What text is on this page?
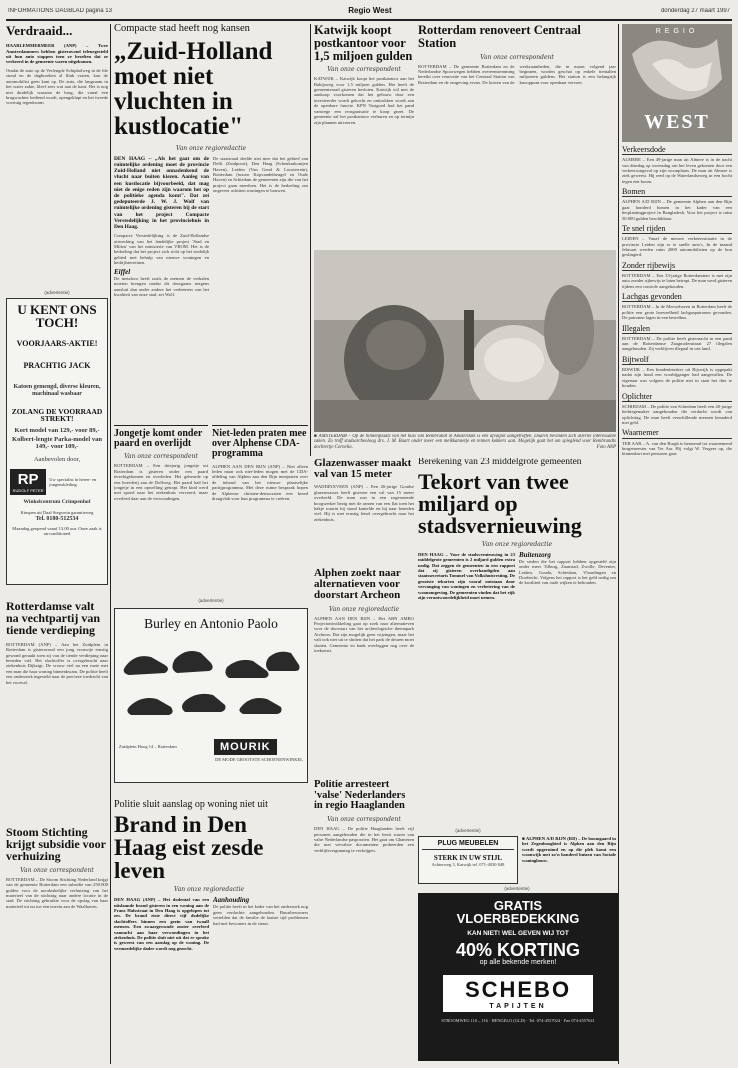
INFORMATIONS DAGBLAD pagina 13	Regio West	donderdag 27 maart 1997
Verdraaid...
HAARLEMMERMEER (ANP) – Twee Amsterdammers hebben gisteravond teleurgesteld uit hun auto stappen toen ze beseften dat ze verkeerd in de gemeente waren uitgekomen.
Omdat de auto op de Verlengde Schipholweg in de file stond en de dagbroeken al flink vasten, kon de automobilist geen kant op. De auto, die langzaam in het water zakte, bleef zeer wat aan de kant. Het is nog niet duidelijk waarom de brug, die vanaf een brugwachter bediend wordt, opengeklapt en het tweede voertuig tegenkwam.
(advertentie)
U KENT ONS TOCH!
VOORJAARS-AKTIE!
PRACHTIG JACK
Katoen gemengd, diverse kleuren, machinaal wasbaar
ZOLANG DE VOORRAAD STREKT!
Kort model van 129,- voor 89,-
Kolbert-lengte Parka-model van 149,- voor 109,-
Aanbevolen door,
RP
RUDOLF PETER
Uw specialist in heren- en jongenskleding
Winkelcentrum Crimpenhof
Kinspen uit Daal Stegwein garantieweg
Tel. 0180-512534
Maandag geopend vanaf 13.00 uur. Onze zaak is airconditioned
Rotterdamse valt na vechtpartij van tiende verdieping
ROTTERDAM (ANP) – Aan het Zuidplein in Rotterdam is gisteravond een jong vrouwtje ernstig gewond geraakt toen zij van de tiende verdieping naar beneden viel. Het slachtoffer is overgebracht naar ziekenhuis Dijkzigt. De vrouw viel na een ruzie met een man die haar woning binnenkwam. De politie heeft een onderzoek ingesteld naar de precieze toedracht van het voorval.
Stoom Stichting krijgt subsidie voor verhuizing
Van onze correspondent
ROTTERDAM – De Stoom Stichting Nederland krijgt van de gemeente Rotterdam een subsidie van 250.000 gulden voor de noodzakelijke verhuizing van het materieel van de stichting naar andere locatie in de stad. De stichting gebruikte voor de opslag van haar materieel tot nu toe een terrein aan de Waalhaven.
Compacte stad heeft nog kansen
„Zuid-Holland moet niet vluchten in kustlocatie"
Van onze regioredactie
DEN HAAG – „Als het gaat om de ruimtelijke ordening moet de provincie Zuid-Holland niet onnadenkend de vlucht naar buiten kiezen. Aanleg van een kustlocatie bijvoorbeeld, dat mag niet de enige reden zijn waarom het op de politieke agenda komt". Dat zei gedeputeerde J. W. J. Wolf van ruimtelijke ordening gisteren bij de start van het project Compacte Verstedelijking in het provinciehuis in Den Haag.
Compacte Verstedelijking is de Zuid-Hollandse uitwerking van het landelijke project 'Stad en Milieu' van het ministerie van VROM. Het is de bedoeling dat het project zich richt op het stedelijk gebied met behulp van nieuwe woningen en bedrijfsterreinen.
Eiffel
De metafoor heeft zoals de mensen de verhalen moeten brengen omdat dit doorgaans nergens aansluit dan onder andere het verbeteren van het kwaliteit van onze stad, zei Wolf.
De staatsraad deelde niet mee dat het gebied van Delft (Zuidpoort), Den Haag (Schenkrakonijen Haven), Leiden (Van Gend & Loosterrein), Rotterdam (tussen Kopvandetheugel en Oude Haven) en Schiedam de gemeenten zijn die van het project gaan meedoen. Het is de bedoeling om ongeveer achttien woningen te bouwen.
Jongetje komt onder paard en overlijdt
Van onze correspondent
ROTTERDAM – Een driejarig jongetje uit Rotterdam is gisteren onder een paard terechtgekomen en overleden. Het gebeurde op een boerderij aan de Dollweg. Het paard had het jongetje in een opwelling getrapt. Het kind werd met spoed naar het ziekenhuis vervoerd, maar overleed daar aan de verwondingen.
Niet-leden praten mee over Alphense CDA-programma
ALPHEN AAN DEN RIJN (ANP) – Niet alleen leden maar ook niet-leden mogen met de CDA-afdeling van Alphen aan den Rijn meepraten over de inhoud van het nieuwe plaatselijke partijprogramma. Met deze ruime bespraak hopen de Alphense christen-democraten een breed draagvlak voor hun programma te creëren.
(advertentie)
Burley en Antonio Paolo
Zuidplein Hoog 14 – Rotterdam	MOURIK
DE MODE GROOTSTE SCHOENENWINKEL
Politie sluit aanslag op woning niet uit
Brand in Den Haag eist zesde leven
Van onze regioredactie
DEN HAAG (ANP) – Het dodental van een uitslaande brand gisteren in een woning aan de Frans Halsstraat in Den Haag is opgelopen tot zes. De brand eiste direct vijf dodelijke slachtoffers binnen een gezin van twaalf mensen. Een zwaargewonde zuster overleed vannacht aan haar verwondingen in het ziekenhuis. De politie sluit niet uit dat er sprake is geweest van een aanslag op de woning. De vermoedelijke dader wordt nog gezocht.
Aanhouding
De politie heeft in het kader van het onderzoek nog geen verdachte aangehouden. Buurtbewoners vertelden dat de familie de laatste tijd problemen had met bewoners in de straat.
Katwijk koopt postkantoor voor 1,5 miljoen gulden
Van onze correspondent
KATWIJK – Katwijk koopt het postkantoor aan het Bakijsweg voor 1,5 miljoen gulden. Het heeft de gemeenteraad gisteren besloten. Katwijk wil met de aankoop voorkomen dat het gebouw door een investeerder wordt gekocht en onttrokken wordt aan de openbare functie. KPN Vastgoed had het pand vanwege een reorganisatie te koop gezet. De gemeente zal het postkantoor verhuren en op termijn zijn plannen uitvoeren.
Rotterdam renoveert Centraal Station
Van onze correspondent
ROTTERDAM – De gemeente Rotterdam en de Nederlandse Spoorwegen hebben overeenstemming bereikt over renovatie van het Centraal Station van Rotterdam en de omgeving ervan. De kosten van de werkzaamheden, die in maart volgend jaar beginnen, worden geschat op enkele tientallen miljoenen guldens. Het station is een belangrijk knooppunt voor openbaar vervoer.
■ AMSTERDAM – Op de binnenplaats van het huis van Rembrandt in Amsterdam is een afvalpot aangetroffen. Daarin bevinden zich allerlei interessante zaken. Zo troff stadsarcheoloog drs. J. M. Baart onder meer een meikkannetje en tennen kokkers aan. Mogelijk gaat het om spieglend voor Rembrandts dochtertje Cornelia.	Foto ANP
Glazenwasser maakt val van 15 meter
WADDINXVEEN (ANP) – Een 26-jarige Goudse glazenwasser heeft gisteren een val van 15 meter overleefd. De man was in een zogenoemde hoogwerker bezig met de ramen van een flat toen het bakje waarin hij stond kantelde en hij naar beneden viel. Hij is met ernstig letsel overgebracht naar het ziekenhuis.
Alphen zoekt naar alternatieven voor doorstart Archeon
Van onze regioredactie
ALPHEN AAN DEN RIJN – Het ABN AMRO Projectontwikkeling gaat op zoek naar alternatieven voor de doorstart van het archeologische themapark Archeon. Dat zijn mogelijk geen wijzingen, maar het valt ook niet uit te sluiten dat het park de deuren moet sluiten. Gemeente en bank overleggen nog over de toekomst.
Politie arresteert 'valse' Nederlanders in regio Haaglanden
Van onze correspondent
DEN HAAG – De politie Haaglanden heeft vijf personen aangehouden die in het bezit waren van valse Nederlandse paspoorten. Het gaat om Ghanezen die met vervalste documenten probeerden een verblijfsvergunning te verkrijgen.
Berekening van 23 middelgrote gemeenten
Tekort van twee miljard op stadsvernieuwing
Van onze regioredactie
DEN HAAG – Voor de stadsvernieuwing in 23 middelgrote gemeenten is 2 miljard gulden extra nodig. Dat zeggen de gemeenten in een rapport dat zij gisteren overhandigden aan staatssecretaris Tommel van Volkshuisvesting. De grootste tekorten zijn vooral ontstaan door vervanging van woningen en verbetering van de woonomgeving. De gemeenten vinden dat het rijk zijn verantwoordelijkheid moet nemen.
Buitenzorg
De steden die het rapport hebben opgesteld zijn onder meer Tilburg, Zaanstad, Zwolle, Deventer, Leiden, Gouda, Schiedam, Vlaardingen en Dordrecht. Volgens het rapport is het geld nodig om de kwaliteit van oude wijken te behouden.
(advertentie)
PLUG MEUBELEN
STERK IN UW STIJL
Achterweg 3, Katwijk tel. 071-4030 848
■ ALPHEN A/D RIJN (RD) – De boomgaard in het Zegenboogbied is Alphen aan den Rijn wordt opgeruimd en op die plek komt een woonwijk met zo'n honderd huizen van Sociale woningbouw.
(advertentie)
GRATIS
VLOERBEDEKKING
KAN NIET! WEL GEVEN WIJ TOT
40% KORTING
op alle bekende merken!
SCHEBO
TAPIJTEN
STROOMWEG 110 – 116 · HENGELO (GLD) · Tel. 074-4557024 · Fax 074-4557641
REGIO
WEST
Verkeersdode
ALMERE – Een 49-jarige man uit Almere is in de nacht van dinsdag op woensdag om het leven gekomen door een verkeersongeval op zijn woonplaats. De man uit Almere is ziek geweest. Hij reed op de Waterlandseweg in een bocht tegen een boom.
Bomen
ALPHEN A/D RIJN – De gemeente Alphen aan den Rijn gaat honderd bomen in het kader van een herplantingproject in Bangladesh. Voor het project is ruim 50.000 gulden beschikbaar.
Te snel rijden
LEIDEN – Vanaf de nieuwe verkeerssituatie in de provincie Leiden zijn er te snelle auto's. In de maand februari werden ruim 2000 automobilisten op de bon geslingerd.
Zonder rijbewijs
ROTTERDAM – Een 33-jarige Rotterdammer is met zijn auto zonder rijbewijs te laten betrapt. De man werd gisteren tijdens een controle aangehouden.
Lachgas gevonden
ROTTERDAM – In de Merwehaven in Rotterdam heeft de politie een grote hoeveelheid lachgaspatronen gevonden. De patronen lagen in een bestelbus.
Illegalen
ROTTERDAM – De politie heeft gisternacht in een pand aan de Rotterdamse Zaagmolenstraat 27 illegalen aangehouden. Zij verblijven illegaal in ons land.
Bijtwolf
RISWIJK – Een hondenbezitter uit Rijswijk is opgepakt nadat zijn hond een voorbijganger had aangevallen. De eigenaar was volgens de politie niet in staat het dier te houden.
Oplichter
SCHIEDAM – De politie van Schiedam heeft een 40-jarige bedriegemaker aangehouden die verdacht wordt van oplichting. De man heeft verschillende mensen benaderd met geld.
Waarnemer
TER AAR – A. van den Burgh is benoemd tot waarnemend burgemeester van Ter Aar. Hij volgt W. Vergeer op, die binnenkort met pensioen gaat.
